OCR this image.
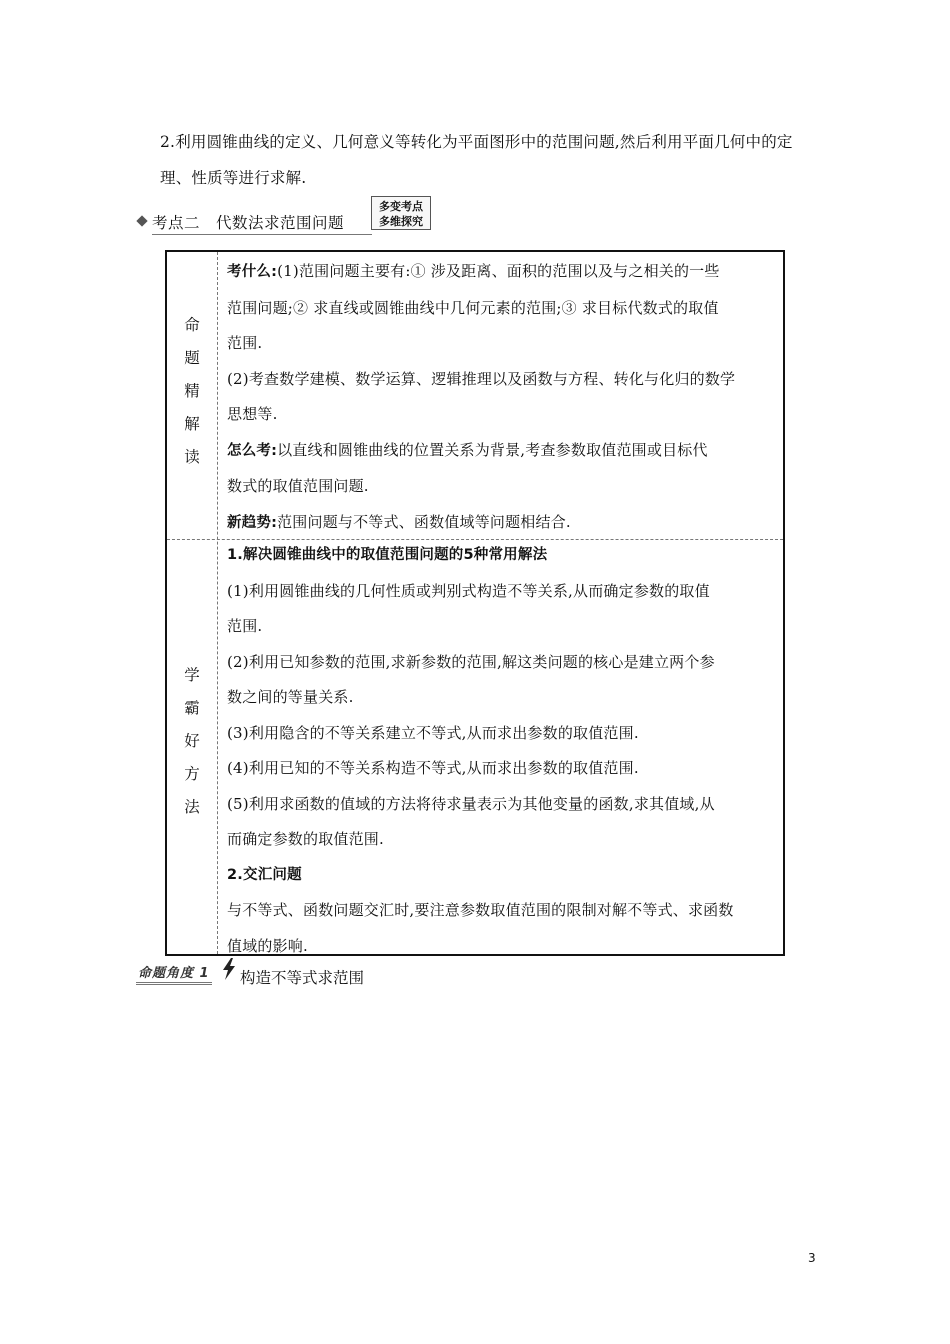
2.利用圆锥曲线的定义、几何意义等转化为平面图形中的范围问题,然后利用平面几何中的定
理、性质等进行求解.
考点二　代数法求范围问题
多变考点
多维探究
命
题
精
解
读

考什么:(1)范围问题主要有:① 涉及距离、面积的范围以及与之相关的一些

范围问题;② 求直线或圆锥曲线中几何元素的范围;③ 求目标代数式的取值

范围.

(2)考查数学建模、数学运算、逻辑推理以及函数与方程、转化与化归的数学

思想等.

怎么考:以直线和圆锥曲线的位置关系为背景,考查参数取值范围或目标代

数式的取值范围问题.

新趋势:范围问题与不等式、函数值域等问题相结合.

学
霸
好
方
法

1.解决圆锥曲线中的取值范围问题的5种常用解法

(1)利用圆锥曲线的几何性质或判别式构造不等关系,从而确定参数的取值

范围.

(2)利用已知参数的范围,求新参数的范围,解这类问题的核心是建立两个参

数之间的等量关系.

(3)利用隐含的不等关系建立不等式,从而求出参数的取值范围.

(4)利用已知的不等关系构造不等式,从而求出参数的取值范围.

(5)利用求函数的值域的方法将待求量表示为其他变量的函数,求其值域,从

而确定参数的取值范围.

2.交汇问题

与不等式、函数问题交汇时,要注意参数取值范围的限制对解不等式、求函数

值域的影响.

命题角度 1 构造不等式求范围
3
